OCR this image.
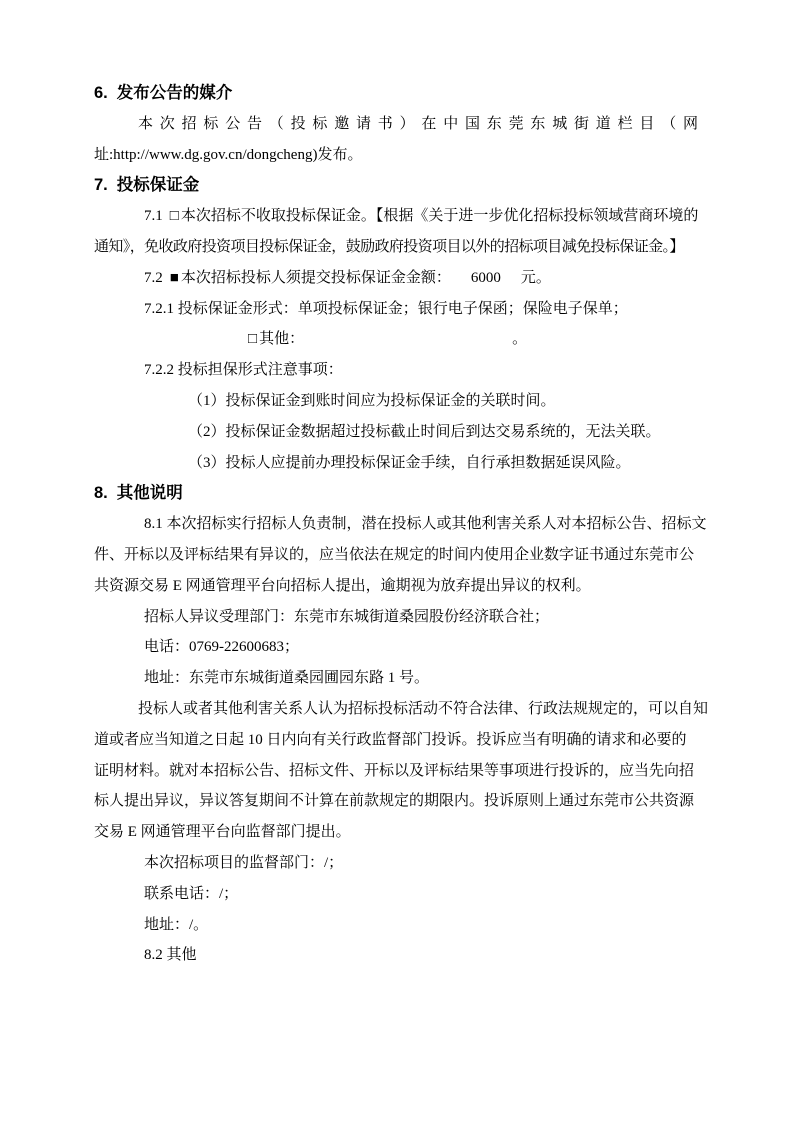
6. 发布公告的媒介
本次招标公告（投标邀请书）在中国东莞东城街道栏目（网
址:http://www.dg.gov.cn/dongcheng)发布。
7. 投标保证金
7.1 □ 本次招标不收取投标保证金。【根据《关于进一步优化招标投标领域营商环境的
通知》，免收政府投资项目投标保证金，鼓励政府投资项目以外的招标项目减免投标保证金。】
7.2 ■ 本次招标投标人须提交投标保证金金额： 6000 元。
7.2.1 投标保证金形式：单项投标保证金；银行电子保函；保险电子保单；
□ 其他：	。
7.2.2 投标担保形式注意事项：
（1）投标保证金到账时间应为投标保证金的关联时间。
（2）投标保证金数据超过投标截止时间后到达交易系统的，无法关联。
（3）投标人应提前办理投标保证金手续，自行承担数据延误风险。
8. 其他说明
8.1 本次招标实行招标人负责制，潜在投标人或其他利害关系人对本招标公告、招标文
件、开标以及评标结果有异议的，应当依法在规定的时间内使用企业数字证书通过东莞市公
共资源交易 E 网通管理平台向招标人提出，逾期视为放弃提出异议的权利。
招标人异议受理部门：东莞市东城街道桑园股份经济联合社；
电话：0769-22600683；
地址：东莞市东城街道桑园圃园东路 1 号。
投标人或者其他利害关系人认为招标投标活动不符合法律、行政法规规定的，可以自知
道或者应当知道之日起 10 日内向有关行政监督部门投诉。投诉应当有明确的请求和必要的
证明材料。就对本招标公告、招标文件、开标以及评标结果等事项进行投诉的，应当先向招
标人提出异议，异议答复期间不计算在前款规定的期限内。投诉原则上通过东莞市公共资源
交易 E 网通管理平台向监督部门提出。
本次招标项目的监督部门：/；
联系电话：/；
地址：/。
8.2 其他
